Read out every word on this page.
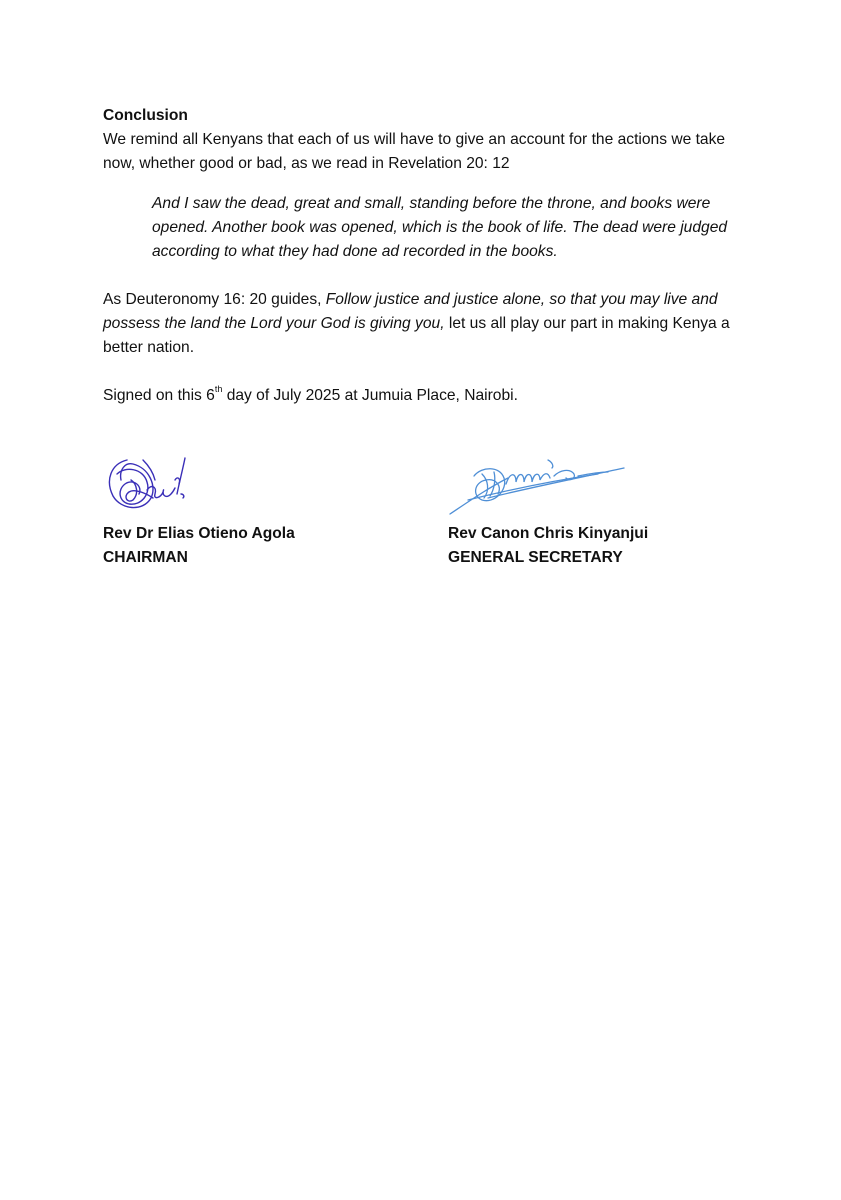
Conclusion

We remind all Kenyans that each of us will have to give an account for the actions we take now, whether good or bad, as we read in Revelation 20: 12

And I saw the dead, great and small, standing before the throne, and books were opened. Another book was opened, which is the book of life. The dead were judged according to what they had done ad recorded in the books.

As Deuteronomy 16: 20 guides, Follow justice and justice alone, so that you may live and possess the land the Lord your God is giving you, let us all play our part in making Kenya a better nation.

Signed on this 6th day of July 2025 at Jumuia Place, Nairobi.

Rev Dr Elias Otieno Agola

CHAIRMAN

Rev Canon Chris Kinyanjui

GENERAL SECRETARY
